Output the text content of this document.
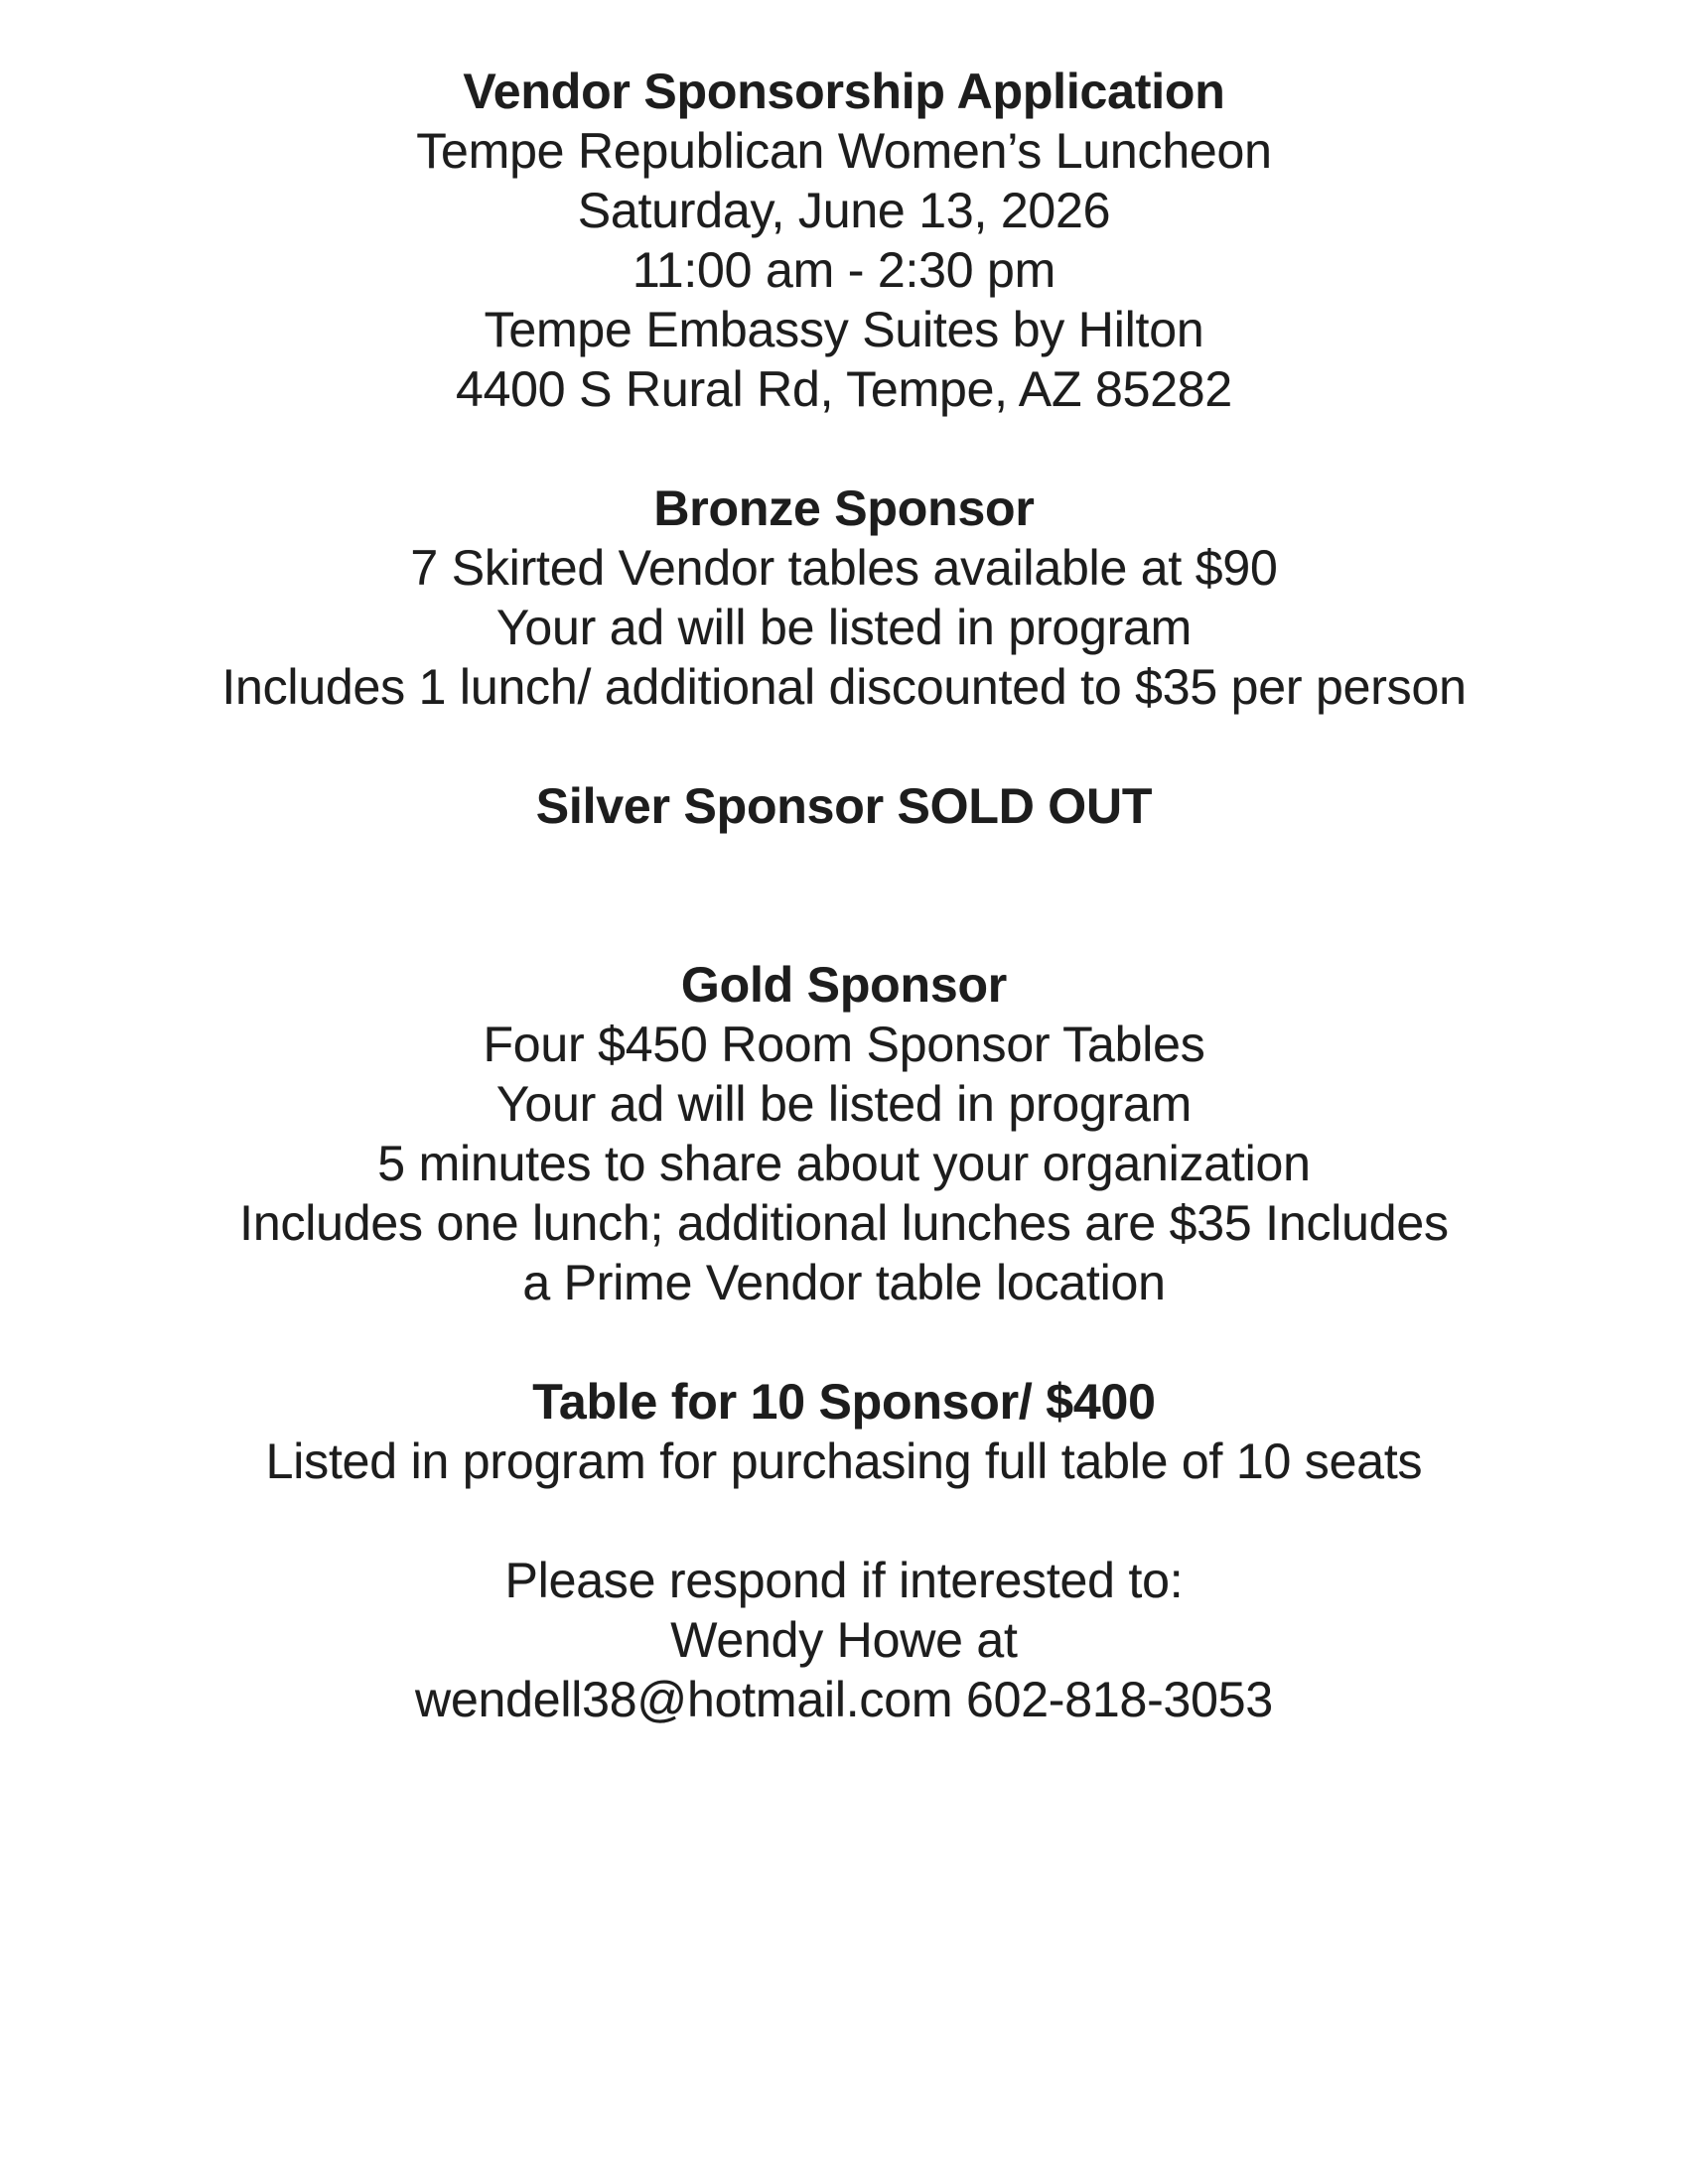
Vendor Sponsorship Application

Tempe Republican Women’s Luncheon

Saturday, June 13, 2026

11:00 am - 2:30 pm

Tempe Embassy Suites by Hilton

4400 S Rural Rd, Tempe, AZ 85282

Bronze Sponsor

7 Skirted Vendor tables available at $90

Your ad will be listed in program

Includes 1 lunch/ additional discounted to $35 per person

Silver Sponsor SOLD OUT

Gold Sponsor

Four $450 Room Sponsor Tables

Your ad will be listed in program

5 minutes to share about your organization

Includes one lunch; additional lunches are $35 Includes

a Prime Vendor table location

Table for 10 Sponsor/ $400

Listed in program for purchasing full table of 10 seats

Please respond if interested to:

Wendy Howe at

wendell38@hotmail.com 602-818-3053
